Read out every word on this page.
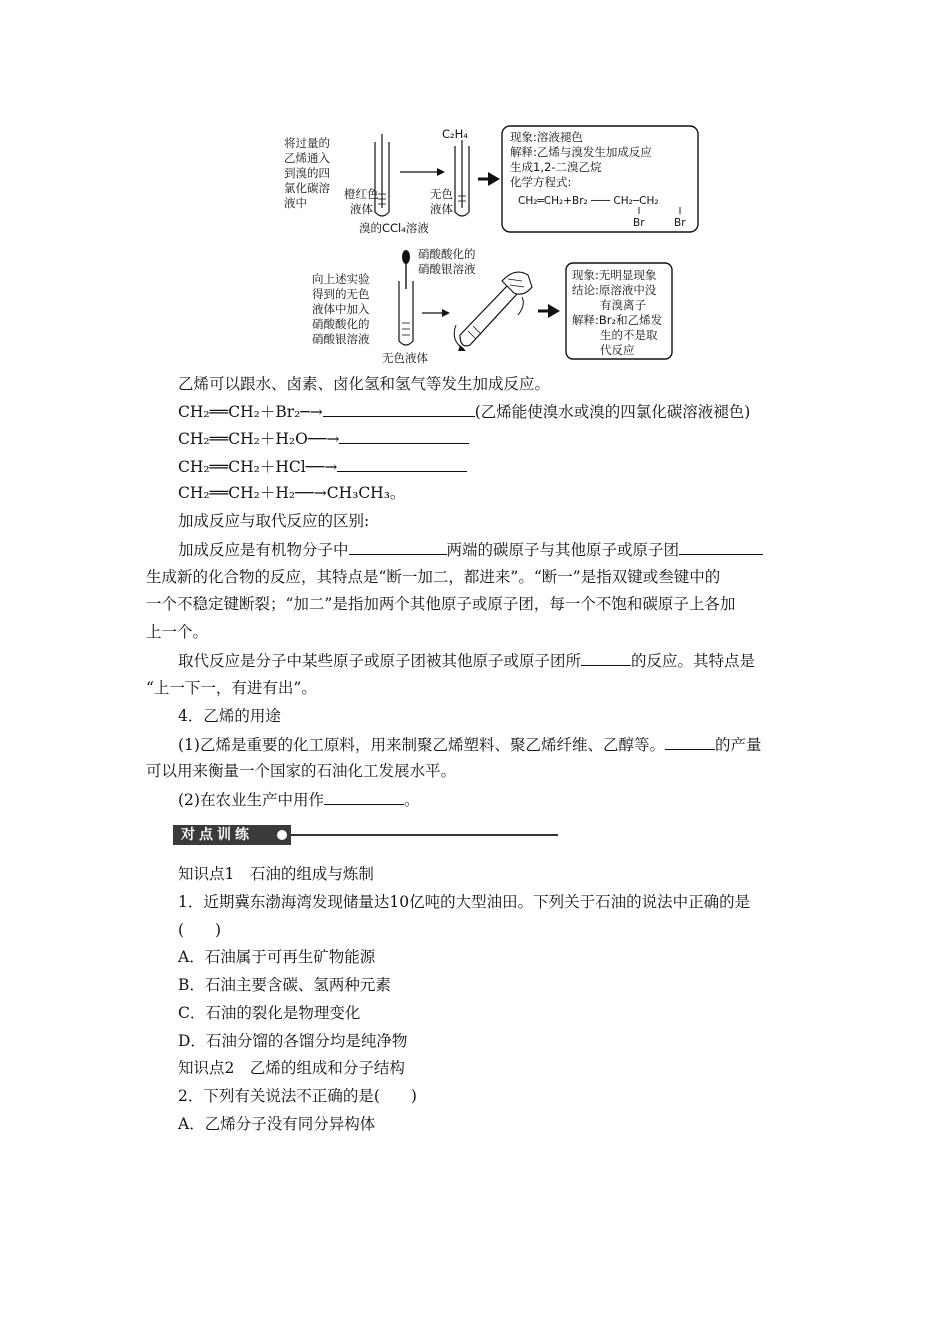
将过量的
乙烯通入
到溴的四
氯化碳溶
液中
橙红色
液体
溴的CCl₄溶液
C₂H₄
无色
液体
现象:溶液褪色
解释:乙烯与溴发生加成反应
生成1,2-二溴乙烷
化学方程式:
CH₂═CH₂+Br₂ ─── CH₂─CH₂
Br	Br
向上述实验
得到的无色
液体中加入
硝酸酸化的
硝酸银溶液
硝酸酸化的
硝酸银溶液
无色液体
现象:无明显现象
结论:原溶液中没
有溴离子
解释:Br₂和乙烯发
生的不是取
代反应
乙烯可以跟水、卤素、卤化氢和氢气等发生加成反应。
CH₂══CH₂＋Br₂─→	(乙烯能使溴水或溴的四氯化碳溶液褪色)
CH₂══CH₂＋H₂O──→
CH₂══CH₂＋HCl──→
CH₂══CH₂＋H₂──→CH₃CH₃。
加成反应与取代反应的区别:
加成反应是有机物分子中	两端的碳原子与其他原子或原子团
生成新的化合物的反应，其特点是“断一加二，都进来”。“断一”是指双键或叁键中的
一个不稳定键断裂；“加二”是指加两个其他原子或原子团，每一个不饱和碳原子上各加
上一个。
取代反应是分子中某些原子或原子团被其他原子或原子团所	的反应。其特点是
“上一下一，有进有出”。
4．乙烯的用途
(1)乙烯是重要的化工原料，用来制聚乙烯塑料、聚乙烯纤维、乙醇等。	的产量
可以用来衡量一个国家的石油化工发展水平。
(2)在农业生产中用作	。
对点训练
知识点1　石油的组成与炼制
1．近期冀东渤海湾发现储量达10亿吨的大型油田。下列关于石油的说法中正确的是
(　　)
A．石油属于可再生矿物能源
B．石油主要含碳、氢两种元素
C．石油的裂化是物理变化
D．石油分馏的各馏分均是纯净物
知识点2　乙烯的组成和分子结构
2．下列有关说法不正确的是(　　)
A．乙烯分子没有同分异构体
